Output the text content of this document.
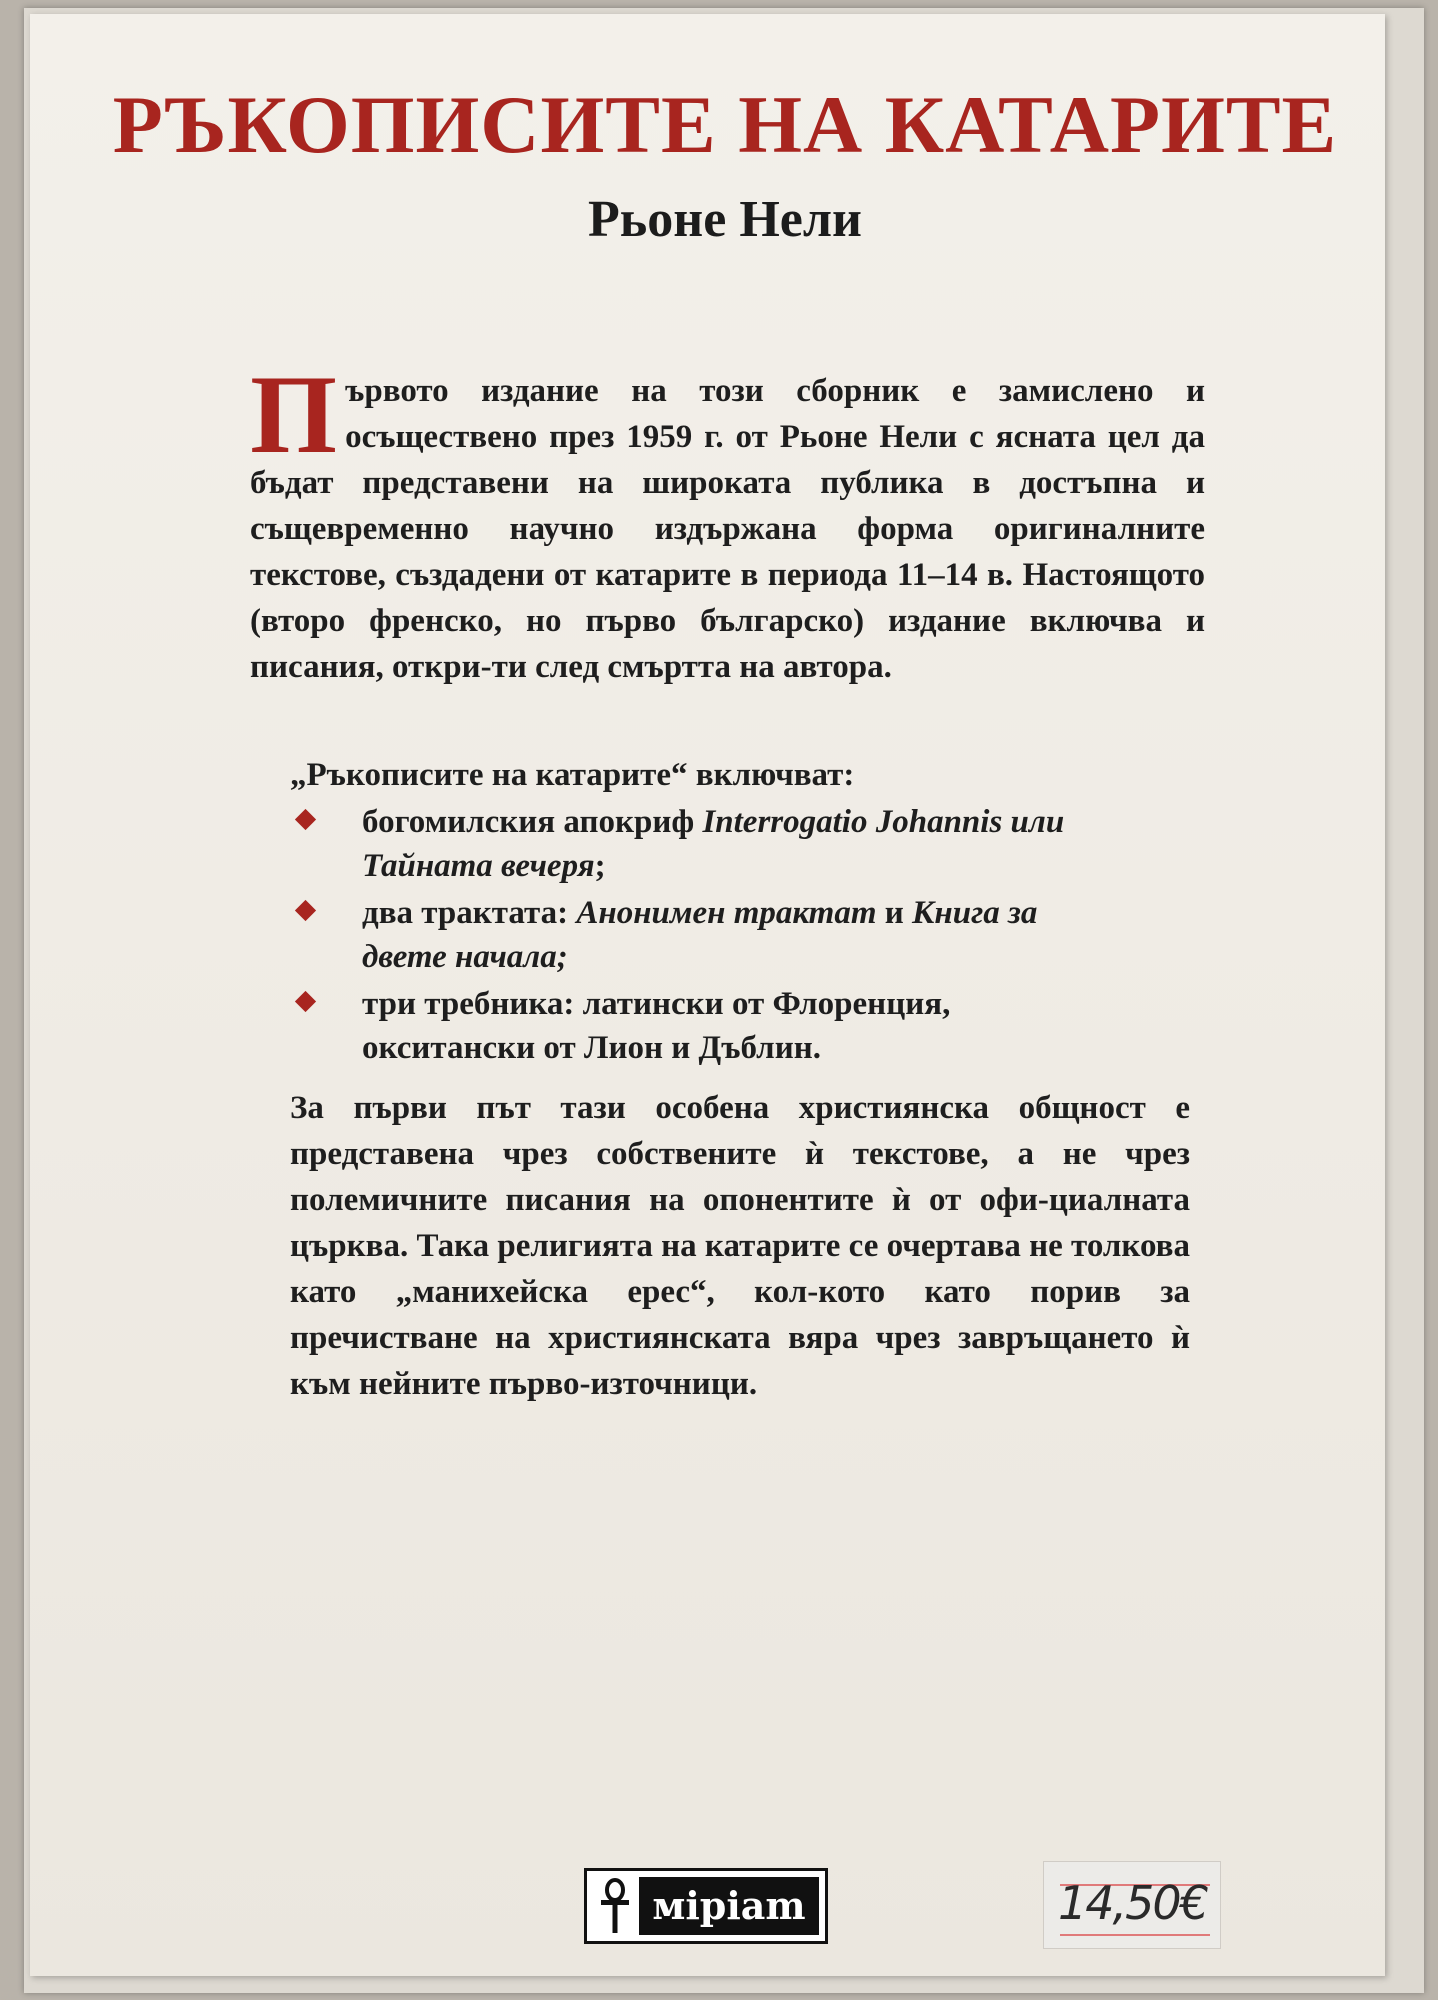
РЪКОПИСИТЕ НА КАТАРИТЕ
Рьоне Нели

Първото издание на този сборник е замислено и осъществено през 1959 г. от Рьоне Нели с ясната цел да бъдат представени на широката публика в достъпна и същевременно научно издържана форма оригиналните текстове, създадени от катарите в периода 11–14 в. Настоящото (второ френско, но първо българско) издание включва и писания, откри-ти след смъртта на автора.

„Ръкописите на катарите“ включват:

богомилския апокриф Interrogatio Johannis или Тайната вечеря;
два трактата: Анонимен трактат и Книга за двете начала;
три требника: латински от Флоренция, окситански от Лион и Дъблин.

За първи път тази особена християнска общност е представена чрез собствените ѝ текстове, а не чрез полемичните писания на опонентите ѝ от офи-циалната църква. Така религията на катарите се очертава не толкова като „манихейска ерес“, кол-кото като порив за пречистване на християнската вяра чрез завръщането ѝ към нейните първо-източници.

мipiam	14,50€
